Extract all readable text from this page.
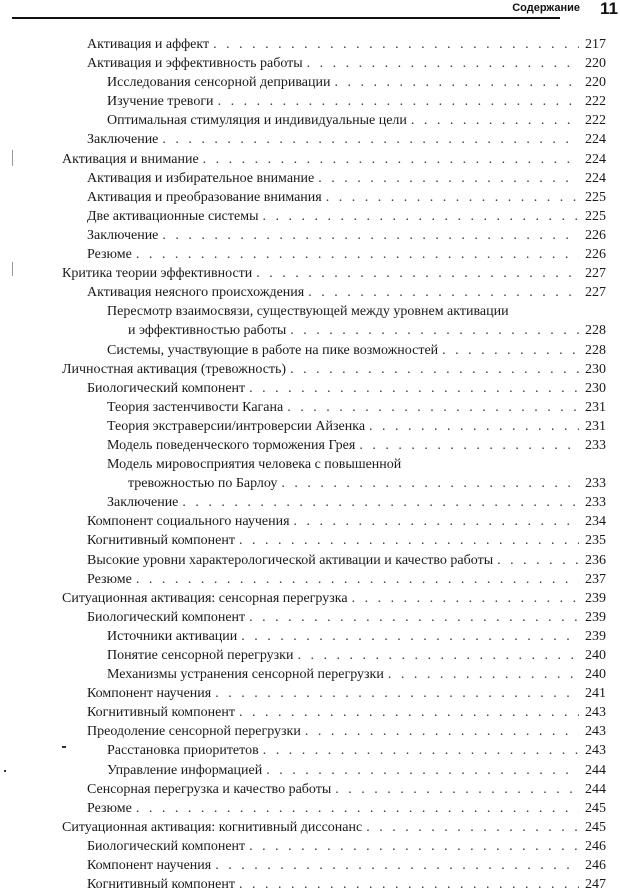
Содержание 11
Активация и аффект . . .	217
Активация и эффективность работы . . .	220
Исследования сенсорной депривации . . .	220
Изучение тревоги . . .	222
Оптимальная стимуляция и индивидуальные цели . . .	222
Заключение . . .	224
Активация и внимание . . .	224
Активация и избирательное внимание . . .	224
Активация и преобразование внимания . . .	225
Две активационные системы . . .	225
Заключение . . .	226
Резюме . . .	226
Критика теории эффективности . . .	227
Активация неясного происхождения . . .	227
Пересмотр взаимосвязи, существующей между уровнем активации
и эффективностью работы . . .	228
Системы, участвующие в работе на пике возможностей . . .	228
Личностная активация (тревожность) . . .	230
Биологический компонент . . .	230
Теория застенчивости Кагана . . .	231
Теория экстраверсии/интроверсии Айзенка . . .	231
Модель поведенческого торможения Грея . . .	233
Модель мировосприятия человека с повышенной
тревожностью по Барлоу . . .	233
Заключение . . .	233
Компонент социального научения . . .	234
Когнитивный компонент . . .	235
Высокие уровни характерологической активации и качество работы . . .	236
Резюме . . .	237
Ситуационная активация: сенсорная перегрузка . . .	239
Биологический компонент . . .	239
Источники активации . . .	239
Понятие сенсорной перегрузки . . .	240
Механизмы устранения сенсорной перегрузки . . .	240
Компонент научения . . .	241
Когнитивный компонент . . .	243
Преодоление сенсорной перегрузки . . .	243
Расстановка приоритетов . . .	243
Управление информацией . . .	244
Сенсорная перегрузка и качество работы . . .	244
Резюме . . .	245
Ситуационная активация: когнитивный диссонанс . . .	245
Биологический компонент . . .	246
Компонент научения . . .	246
Когнитивный компонент . . .	247
